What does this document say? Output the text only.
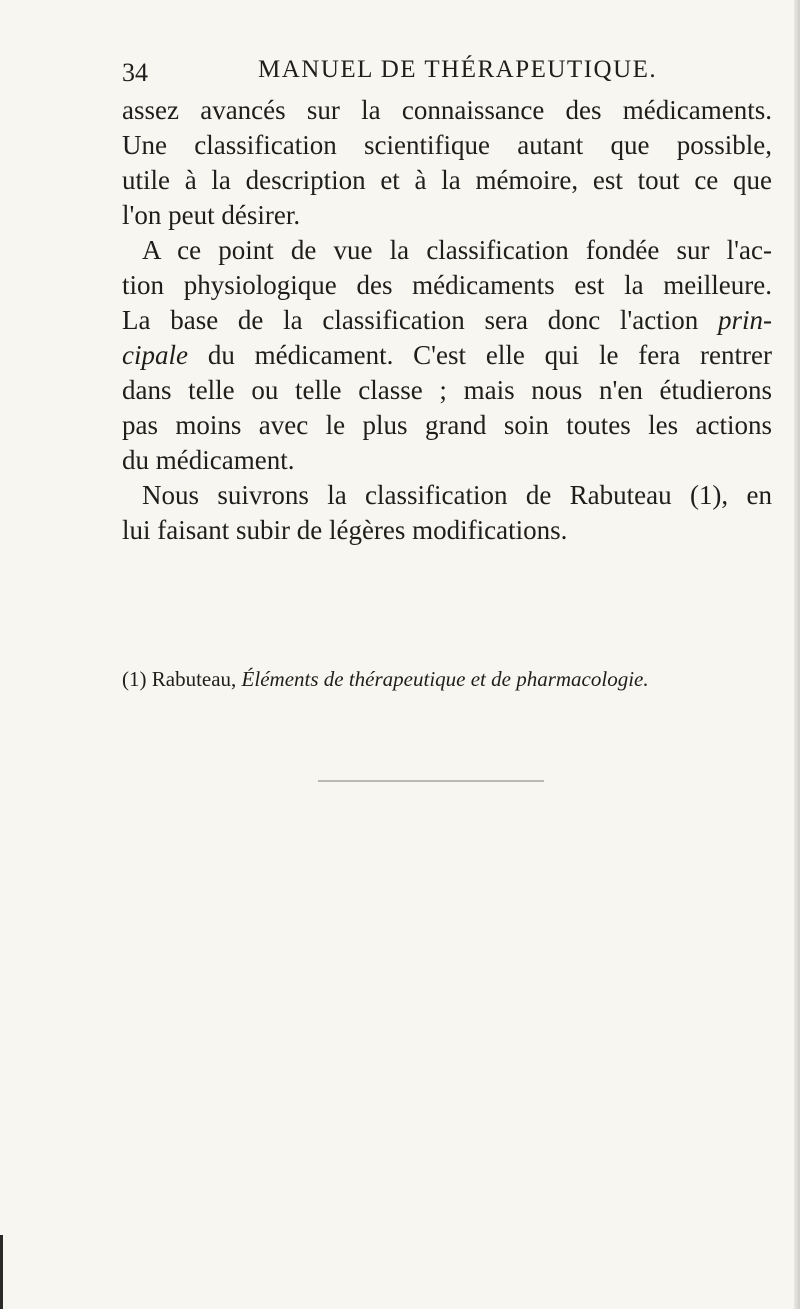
34	MANUEL DE THÉRAPEUTIQUE.
assez avancés sur la connaissance des médicaments.
Une classification scientifique autant que possible,
utile à la description et à la mémoire, est tout ce que
l'on peut désirer.
A ce point de vue la classification fondée sur l'ac-
tion physiologique des médicaments est la meilleure.
La base de la classification sera donc l'action prin-
cipale du médicament. C'est elle qui le fera rentrer
dans telle ou telle classe ; mais nous n'en étudierons
pas moins avec le plus grand soin toutes les actions
du médicament.
Nous suivrons la classification de Rabuteau (1), en
lui faisant subir de légères modifications.
(1) Rabuteau, Éléments de thérapeutique et de pharmacologie.
